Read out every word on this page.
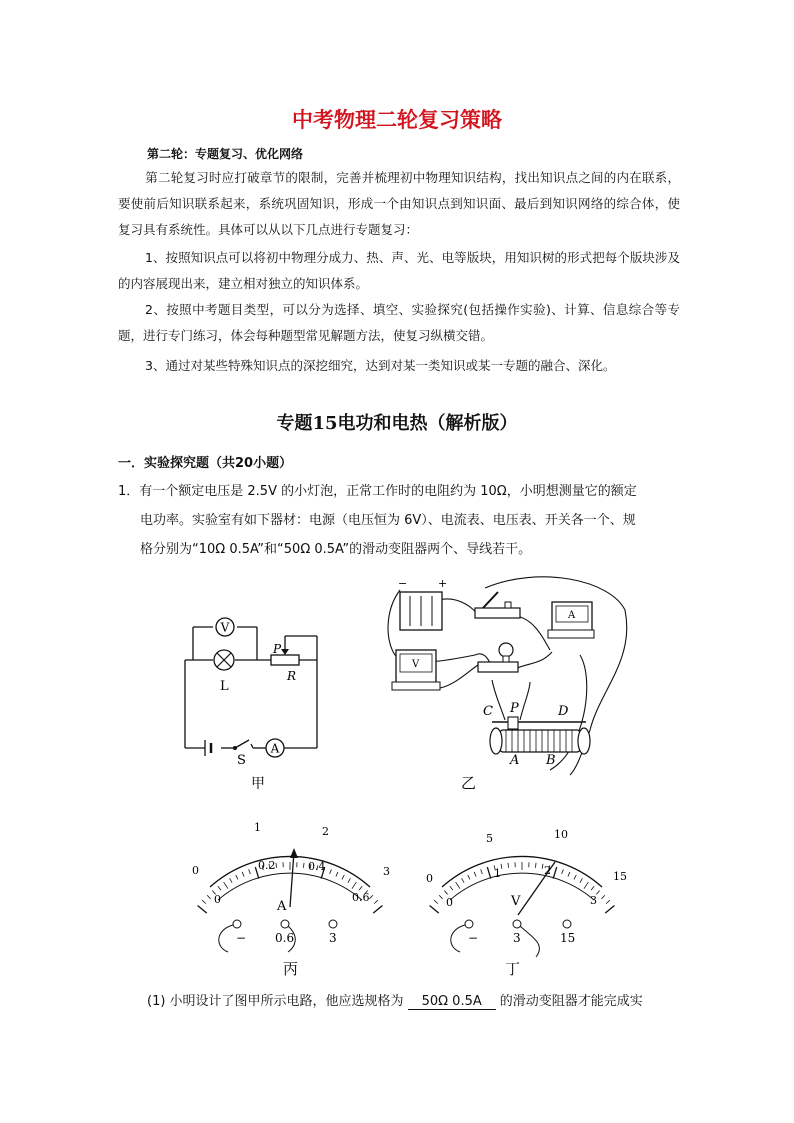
中考物理二轮复习策略
第二轮：专题复习、优化网络
第二轮复习时应打破章节的限制，完善并梳理初中物理知识结构，找出知识点之间的内在联系，要使前后知识联系起来，系统巩固知识，形成一个由知识点到知识面、最后到知识网络的综合体，使复习具有系统性。具体可以从以下几点进行专题复习：
1、按照知识点可以将初中物理分成力、热、声、光、电等版块，用知识树的形式把每个版块涉及的内容展现出来，建立相对独立的知识体系。
2、按照中考题目类型，可以分为选择、填空、实验探究(包括操作实验)、计算、信息综合等专题，进行专门练习，体会每种题型常见解题方法，使复习纵横交错。
3、通过对某些特殊知识点的深挖细究，达到对某一类知识或某一专题的融合、深化。
专题15电功和电热（解析版）
一．实验探究题（共20小题）
1．有一个额定电压是 2.5V 的小灯泡，正常工作时的电阻约为 10Ω，小明想测量它的额定
电功率。实验室有如下器材：电源（电压恒为 6V）、电流表、电压表、开关各一个、规
格分别为“10Ω 0.5A”和“50Ω 0.5A”的滑动变阻器两个、导线若干。
A
V
L
P
R
S
甲
−	+
A
V
C P	D
A B
乙
0
1	2
3
0
0.2	0.4
0.6
A
− 0.6	3
丙
0
5	10
15
0
1	2
3
V
−	3	15
丁
(1) 小明设计了图甲所示电路，他应选规格为 50Ω 0.5A 的滑动变阻器才能完成实
